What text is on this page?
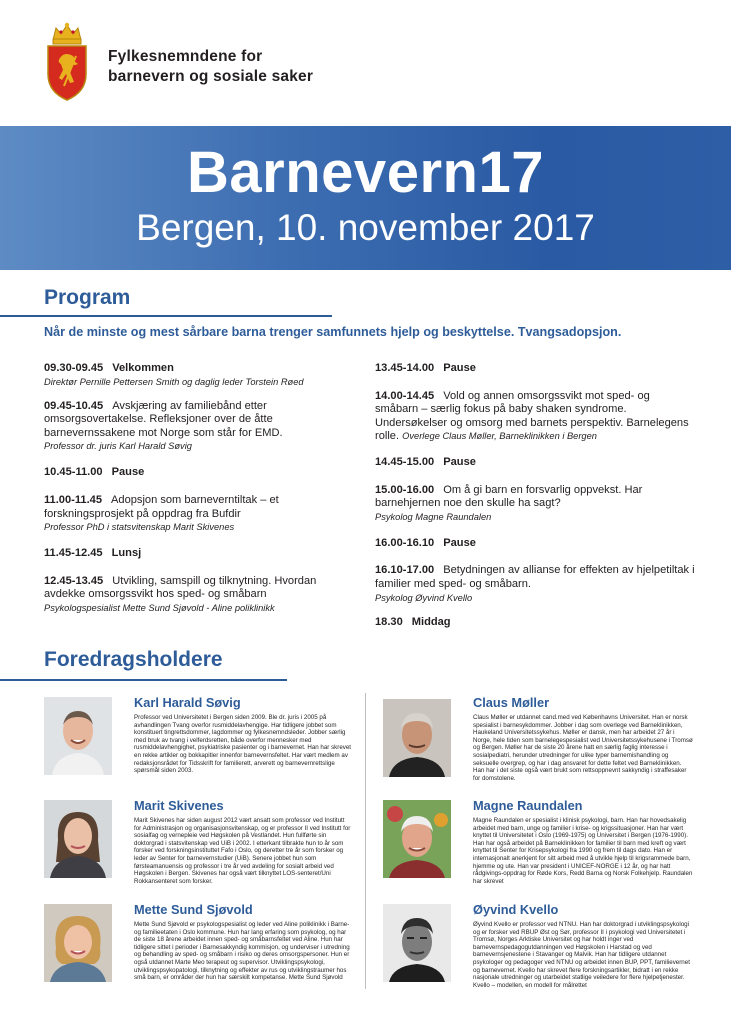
Fylkesnemndene for
barnevern og sosiale saker
Barnevern17
Bergen, 10. november 2017
Program
Når de minste og mest sårbare barna trenger samfunnets hjelp og beskyttelse. Tvangsadopsjon.
09.30-09.45 Velkommen
Direktør Pernille Pettersen Smith og daglig leder Torstein Røed
09.45-10.45 Avskjæring av familiebånd etter omsorgsovertakelse. Refleksjoner over de åtte barnevernssakene mot Norge som står for EMD.
Professor dr. juris Karl Harald Søvig
10.45-11.00 Pause
11.00-11.45 Adopsjon som barneverntiltak – et forskningsprosjekt på oppdrag fra Bufdir
Professor PhD i statsvitenskap Marit Skivenes
11.45-12.45 Lunsj
12.45-13.45 Utvikling, samspill og tilknytning. Hvordan avdekke omsorgssvikt hos sped- og småbarn
Psykologspesialist Mette Sund Sjøvold - Aline poliklinikk
13.45-14.00 Pause
14.00-14.45 Vold og annen omsorgssvikt mot sped- og småbarn – særlig fokus på baby shaken syndrome. Undersøkelser og omsorg med barnets perspektiv. Barnelegens rolle. Overlege Claus Møller, Barneklinikken i Bergen
14.45-15.00 Pause
15.00-16.00 Om å gi barn en forsvarlig oppvekst. Har barnehjernen noe den skulle ha sagt?
Psykolog Magne Raundalen
16.00-16.10 Pause
16.10-17.00 Betydningen av allianse for effekten av hjelpetiltak i familier med sped- og småbarn.
Psykolog Øyvind Kvello
18.30 Middag
Foredragsholdere
Karl Harald Søvig
Professor ved Universitetet i Bergen siden 2009. Ble dr. juris i 2005 på avhandlingen Tvang overfor rusmiddelavhengige. Har tidligere jobbet som konstituert tingrettsdommer, lagdommer og fylkesnemndsleder. Jobber særlig med bruk av tvang i velferdsretten, både overfor mennesker med rusmiddelavhengighet, psykiatriske pasienter og i barnevernet. Han har skrevet en rekke artikler og bokkapitler innenfor barnevernsfeltet. Har vært medlem av redaksjonsrådet for Tidsskrift for familierett, arverett og barnevernrettslige spørsmål siden 2003.
Claus Møller
Claus Møller er utdannet cand.med ved Københavns Universitet. Han er norsk spesialist i barnesykdommer. Jobber i dag som overlege ved Barneklinikken, Haukeland Universitetssykehus. Møller er dansk, men har arbeidet 27 år i Norge, hele tiden som barnelegespesialist ved Universitetssykehusene i Tromsø og Bergen. Møller har de siste 20 årene hatt en særlig faglig interesse i sosialpediatri, herunder utredninger for ulike typer barnemishandling og seksuelle overgrep, og har i dag ansvaret for dette feltet ved Barneklinikken. Han har i det siste også vært brukt som rettsoppnevnt sakkyndig i straffesaker for domstolene.
Marit Skivenes
Marit Skivenes har siden august 2012 vært ansatt som professor ved Institutt for Administrasjon og organisasjonsvitenskap, og er professor II ved Institutt for sosialfag og vernepleie ved Høgskolen på Vestlandet. Hun fullførte sin doktorgrad i statsvitenskap ved UiB i 2002. I etterkant tilbrakte hun to år som forsker ved forskningsinstituttet Fafo i Oslo, og deretter tre år som forsker og leder av Senter for barnevernstudier (UiB). Senere jobbet hun som førsteamanuensis og professor i tre år ved avdeling for sosialt arbeid ved Høgskolen i Bergen. Skivenes har også vært tilknyttet LOS-senteret/Uni Rokkansenteret som forsker.
Magne Raundalen
Magne Raundalen er spesialist i klinisk psykologi, barn. Han har hovedsakelig arbeidet med barn, unge og familier i krise- og krigssituasjoner. Han har vært knyttet til Universitetet i Oslo (1969-1975) og Universitet i Bergen (1976-1990). Han har også arbeidet på Barneklinikken for familier til barn med kreft og vært knyttet til Senter for Krisepsykologi fra 1990 og frem til dags dato. Han er internasjonalt anerkjent for sitt arbeid med å utvikle hjelp til krigsrammede barn, hjemme og ute. Han var president i UNICEF-NORGE i 12 år, og har hatt rådgivings-oppdrag for Røde Kors, Redd Barna og Norsk Folkehjelp. Raundalen har skrevet
Mette Sund Sjøvold
Mette Sund Sjøvold er psykologspesialist og leder ved Aline poliklinikk i Barne- og familieetaten i Oslo kommune. Hun har lang erfaring som psykolog, og har de siste 18 årene arbeidet innen sped- og småbarnsfeltet ved Aline. Hun har tidligere sittet i perioder i Barnesakkyndig kommisjon, og underviser i utredning og behandling av sped- og småbarn i risiko og deres omsorgspersoner. Hun er også utdannet Marte Meo terapeut og supervisor. Utviklingspsykologi, utviklingspsykopatologi, tilknytning og effekter av rus og utviklingstraumer hos små barn, er områder der hun har særskilt kompetanse. Mette Sund Sjøvold
Øyvind Kvello
Øyvind Kvello er professor ved NTNU. Han har doktorgrad i utviklingspsykologi og er forsker ved RBUP Øst og Sør, professor II i psykologi ved Universitetet i Tromsø, Norges Arktiske Universitet og har holdt inger ved barnevernspedagogutdanningen ved Høgskolen i Harstad og ved barnevernsjenestene i Stavanger og Malvik. Han har tidligere utdannet psykologer og pedagoger ved NTNU og arbeidet innen BUP, PPT, familievernet og barnevernet. Kvello har skrevet flere forskningsartikler, bidratt i en rekke nasjonale utredninger og utarbeidet statlige veiledere for flere hjelpetjenester. Kvello – modellen, en modell for målrettet
